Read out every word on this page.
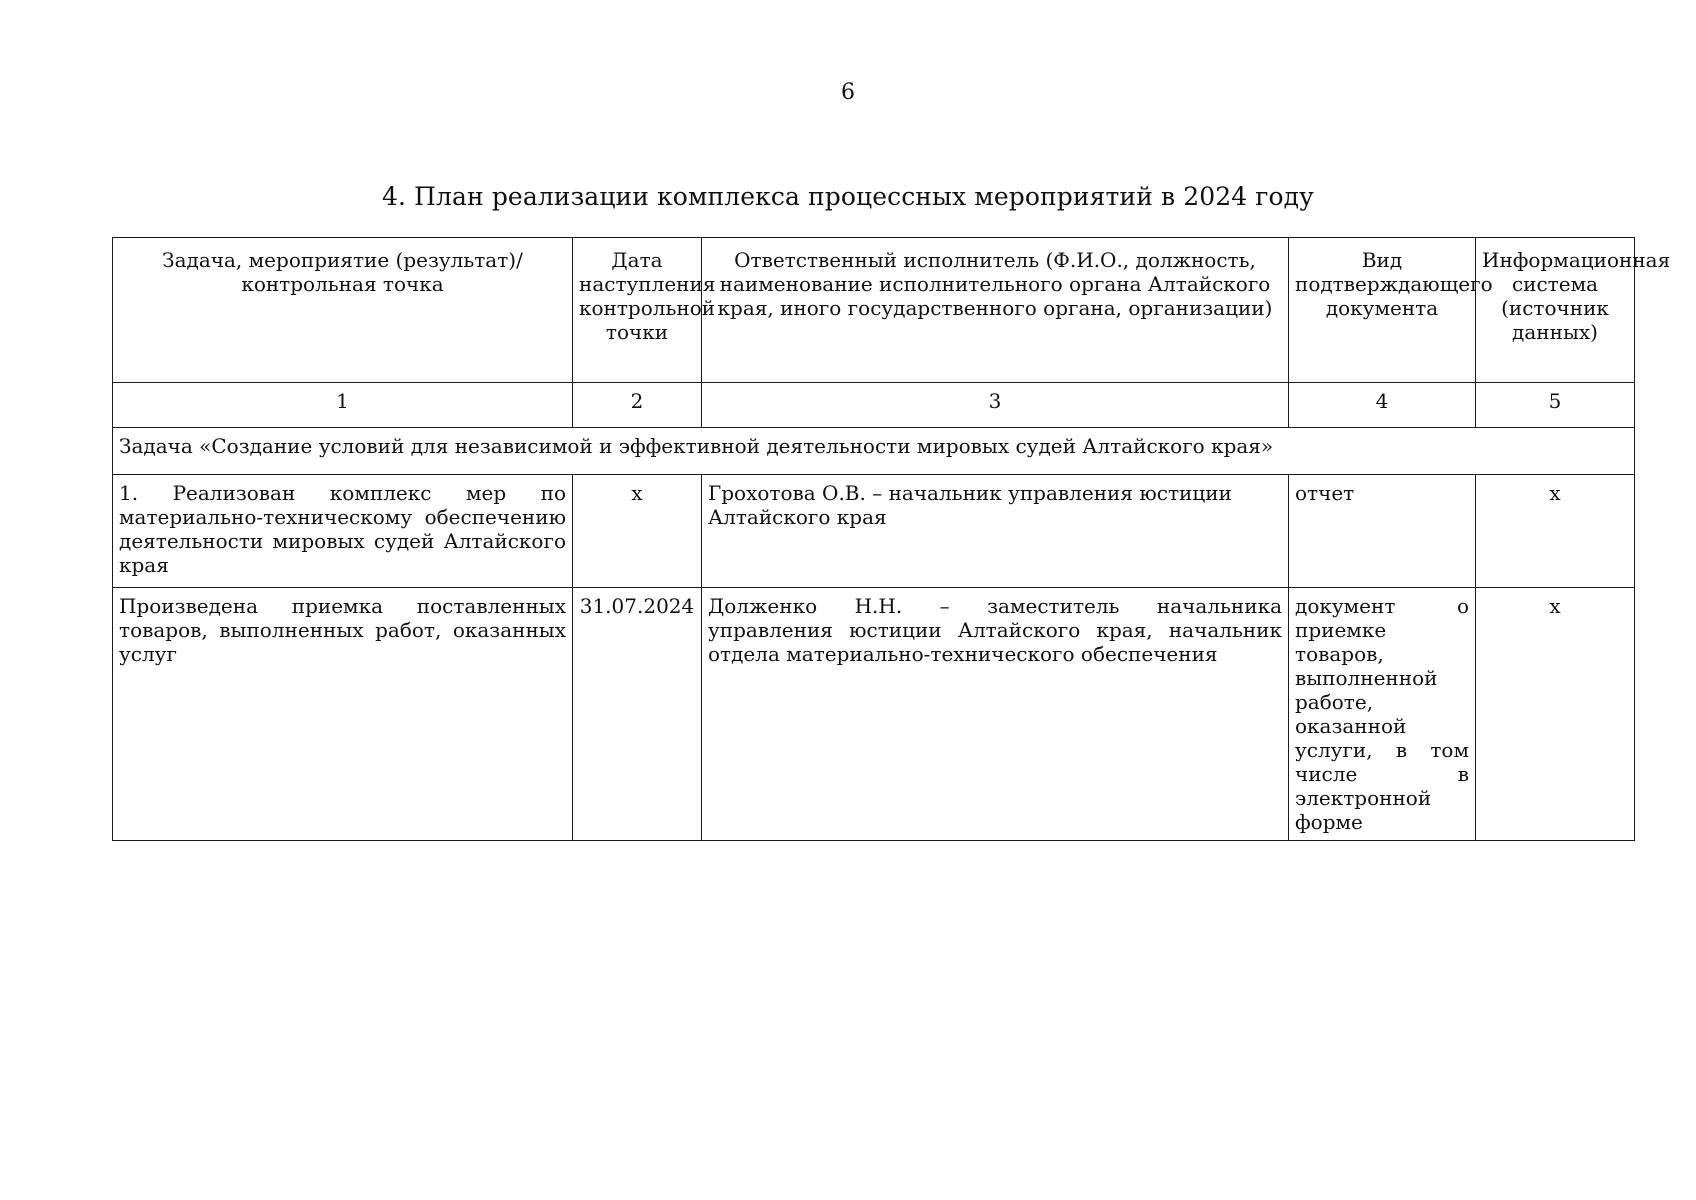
6
4. План реализации комплекса процессных мероприятий в 2024 году
Задача, мероприятие (результат)/ контрольная точка	Дата наступления контрольной точки	Ответственный исполнитель (Ф.И.О., должность, наименование исполнительного органа Алтайского края, иного государственного органа, организации)	Вид подтверждающего документа	Информационная система (источник данных)
1	2	3	4	5
Задача «Создание условий для независимой и эффективной деятельности мировых судей Алтайского края»				
1. Реализован комплекс мер по материально-техническому обеспечению деятельности мировых судей Алтайского края	х	Грохотова О.В. – начальник управления юстиции Алтайского края	отчет	х
Произведена приемка поставленных товаров, выполненных работ, оказанных услуг	31.07.2024	Долженко Н.Н. – заместитель начальника управления юстиции Алтайского края, начальник отдела материально-технического обеспечения	документ о приемке товаров, выполненной работе, оказанной услуги, в том числе в электронной форме	х
